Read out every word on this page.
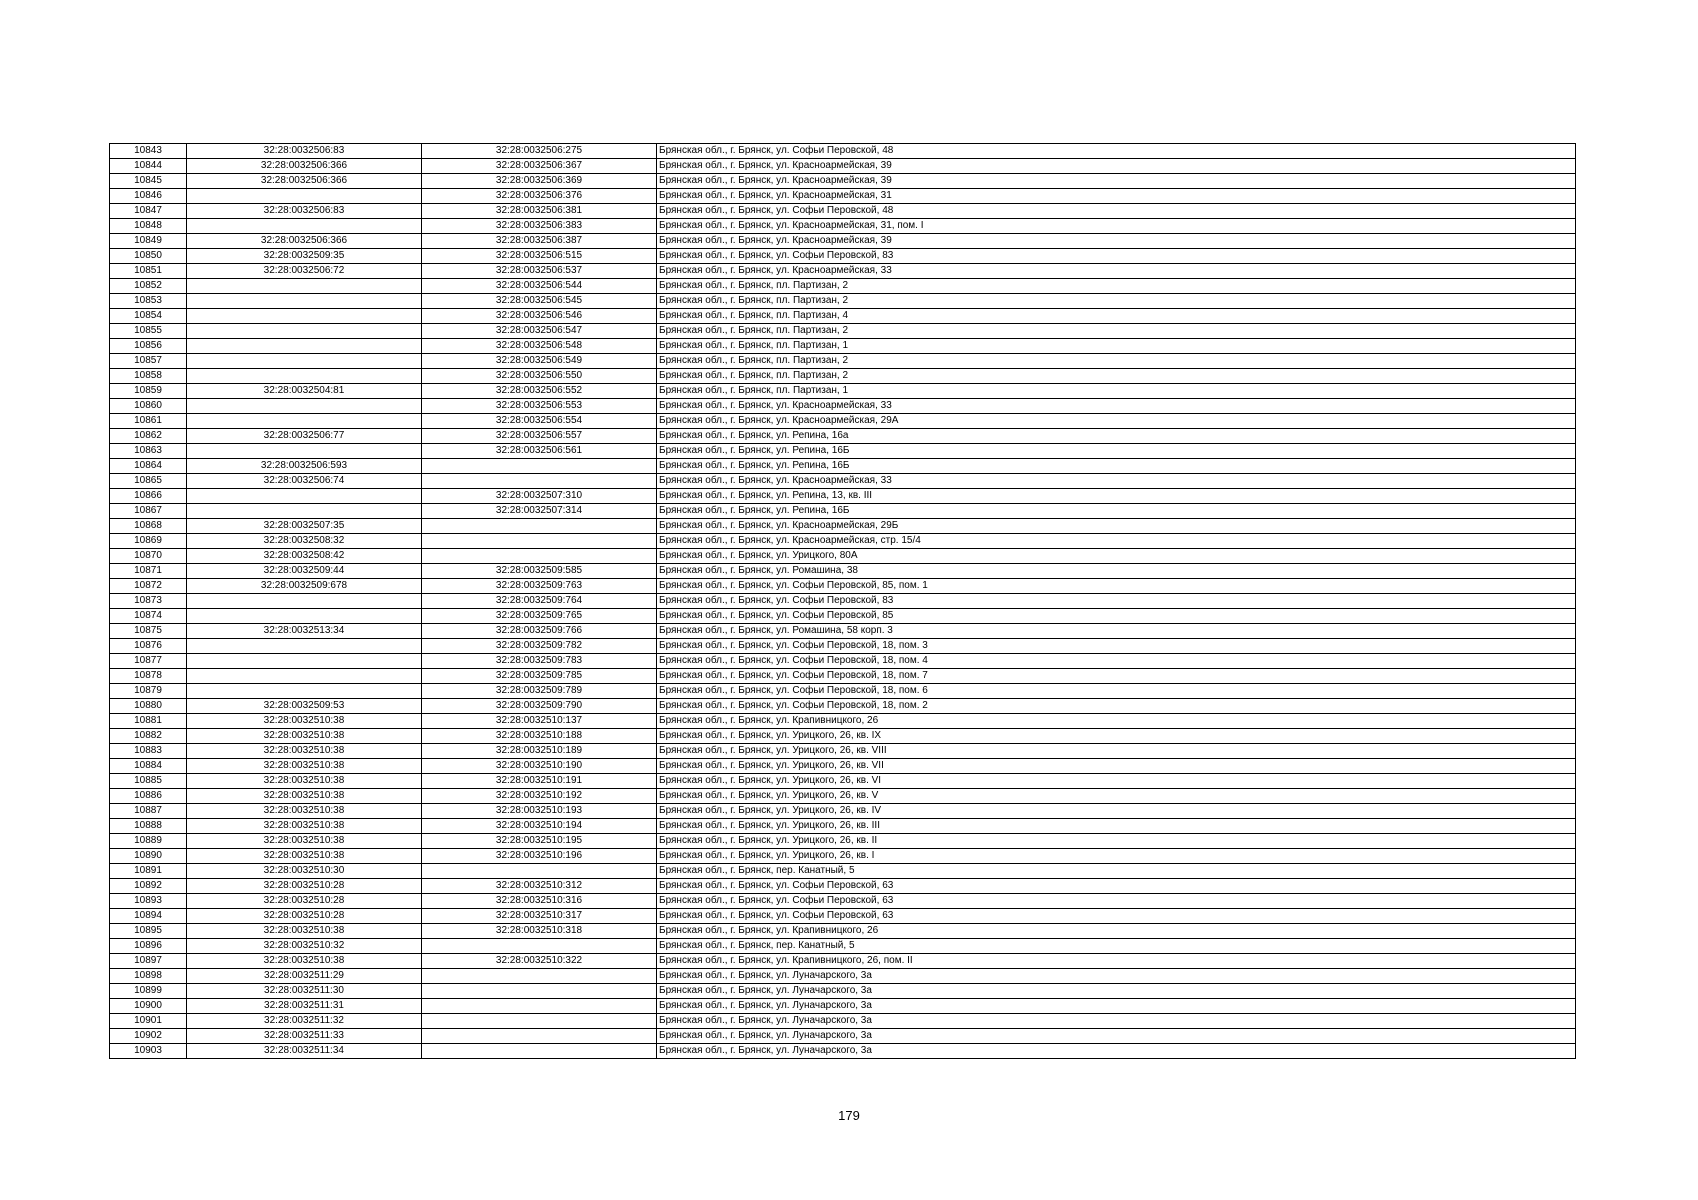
10843	32:28:0032506:83	32:28:0032506:275	Брянская обл., г. Брянск, ул. Софьи Перовской, 48
10844	32:28:0032506:366	32:28:0032506:367	Брянская обл., г. Брянск, ул. Красноармейская, 39
10845	32:28:0032506:366	32:28:0032506:369	Брянская обл., г. Брянск, ул. Красноармейская, 39
10846		32:28:0032506:376	Брянская обл., г. Брянск, ул. Красноармейская, 31
10847	32:28:0032506:83	32:28:0032506:381	Брянская обл., г. Брянск, ул. Софьи Перовской, 48
10848		32:28:0032506:383	Брянская обл., г. Брянск, ул. Красноармейская, 31, пом. I
10849	32:28:0032506:366	32:28:0032506:387	Брянская обл., г. Брянск, ул. Красноармейская, 39
10850	32:28:0032509:35	32:28:0032506:515	Брянская обл., г. Брянск, ул. Софьи Перовской, 83
10851	32:28:0032506:72	32:28:0032506:537	Брянская обл., г. Брянск, ул. Красноармейская, 33
10852		32:28:0032506:544	Брянская обл., г. Брянск, пл. Партизан, 2
10853		32:28:0032506:545	Брянская обл., г. Брянск, пл. Партизан, 2
10854		32:28:0032506:546	Брянская обл., г. Брянск, пл. Партизан, 4
10855		32:28:0032506:547	Брянская обл., г. Брянск, пл. Партизан, 2
10856		32:28:0032506:548	Брянская обл., г. Брянск, пл. Партизан, 1
10857		32:28:0032506:549	Брянская обл., г. Брянск, пл. Партизан, 2
10858		32:28:0032506:550	Брянская обл., г. Брянск, пл. Партизан, 2
10859	32:28:0032504:81	32:28:0032506:552	Брянская обл., г. Брянск, пл. Партизан, 1
10860		32:28:0032506:553	Брянская обл., г. Брянск, ул. Красноармейская, 33
10861		32:28:0032506:554	Брянская обл., г. Брянск, ул. Красноармейская, 29А
10862	32:28:0032506:77	32:28:0032506:557	Брянская обл., г. Брянск, ул. Репина, 16а
10863		32:28:0032506:561	Брянская обл., г. Брянск, ул. Репина, 16Б
10864	32:28:0032506:593		Брянская обл., г. Брянск, ул. Репина, 16Б
10865	32:28:0032506:74		Брянская обл., г. Брянск, ул. Красноармейская, 33
10866		32:28:0032507:310	Брянская обл., г. Брянск, ул. Репина, 13, кв. III
10867		32:28:0032507:314	Брянская обл., г. Брянск, ул. Репина, 16Б
10868	32:28:0032507:35		Брянская обл., г. Брянск, ул. Красноармейская, 29Б
10869	32:28:0032508:32		Брянская обл., г. Брянск, ул. Красноармейская, стр. 15/4
10870	32:28:0032508:42		Брянская обл., г. Брянск, ул. Урицкого, 80А
10871	32:28:0032509:44	32:28:0032509:585	Брянская обл., г. Брянск, ул. Ромашина, 38
10872	32:28:0032509:678	32:28:0032509:763	Брянская обл., г. Брянск, ул. Софьи Перовской, 85, пом. 1
10873		32:28:0032509:764	Брянская обл., г. Брянск, ул. Софьи Перовской, 83
10874		32:28:0032509:765	Брянская обл., г. Брянск, ул. Софьи Перовской, 85
10875	32:28:0032513:34	32:28:0032509:766	Брянская обл., г. Брянск, ул. Ромашина, 58 корп. 3
10876		32:28:0032509:782	Брянская обл., г. Брянск, ул. Софьи Перовской, 18, пом. 3
10877		32:28:0032509:783	Брянская обл., г. Брянск, ул. Софьи Перовской, 18, пом. 4
10878		32:28:0032509:785	Брянская обл., г. Брянск, ул. Софьи Перовской, 18, пом. 7
10879		32:28:0032509:789	Брянская обл., г. Брянск, ул. Софьи Перовской, 18, пом. 6
10880	32:28:0032509:53	32:28:0032509:790	Брянская обл., г. Брянск, ул. Софьи Перовской, 18, пом. 2
10881	32:28:0032510:38	32:28:0032510:137	Брянская обл., г. Брянск, ул. Крапивницкого, 26
10882	32:28:0032510:38	32:28:0032510:188	Брянская обл., г. Брянск, ул. Урицкого, 26, кв. IX
10883	32:28:0032510:38	32:28:0032510:189	Брянская обл., г. Брянск, ул. Урицкого, 26, кв. VIII
10884	32:28:0032510:38	32:28:0032510:190	Брянская обл., г. Брянск, ул. Урицкого, 26, кв. VII
10885	32:28:0032510:38	32:28:0032510:191	Брянская обл., г. Брянск, ул. Урицкого, 26, кв. VI
10886	32:28:0032510:38	32:28:0032510:192	Брянская обл., г. Брянск, ул. Урицкого, 26, кв. V
10887	32:28:0032510:38	32:28:0032510:193	Брянская обл., г. Брянск, ул. Урицкого, 26, кв. IV
10888	32:28:0032510:38	32:28:0032510:194	Брянская обл., г. Брянск, ул. Урицкого, 26, кв. III
10889	32:28:0032510:38	32:28:0032510:195	Брянская обл., г. Брянск, ул. Урицкого, 26, кв. II
10890	32:28:0032510:38	32:28:0032510:196	Брянская обл., г. Брянск, ул. Урицкого, 26, кв. I
10891	32:28:0032510:30		Брянская обл., г. Брянск, пер. Канатный, 5
10892	32:28:0032510:28	32:28:0032510:312	Брянская обл., г. Брянск, ул. Софьи Перовской, 63
10893	32:28:0032510:28	32:28:0032510:316	Брянская обл., г. Брянск, ул. Софьи Перовской, 63
10894	32:28:0032510:28	32:28:0032510:317	Брянская обл., г. Брянск, ул. Софьи Перовской, 63
10895	32:28:0032510:38	32:28:0032510:318	Брянская обл., г. Брянск, ул. Крапивницкого, 26
10896	32:28:0032510:32		Брянская обл., г. Брянск, пер. Канатный, 5
10897	32:28:0032510:38	32:28:0032510:322	Брянская обл., г. Брянск, ул. Крапивницкого, 26, пом. II
10898	32:28:0032511:29		Брянская обл., г. Брянск, ул. Луначарского, 3а
10899	32:28:0032511:30		Брянская обл., г. Брянск, ул. Луначарского, 3а
10900	32:28:0032511:31		Брянская обл., г. Брянск, ул. Луначарского, 3а
10901	32:28:0032511:32		Брянская обл., г. Брянск, ул. Луначарского, 3а
10902	32:28:0032511:33		Брянская обл., г. Брянск, ул. Луначарского, 3а
10903	32:28:0032511:34		Брянская обл., г. Брянск, ул. Луначарского, 3а
179
